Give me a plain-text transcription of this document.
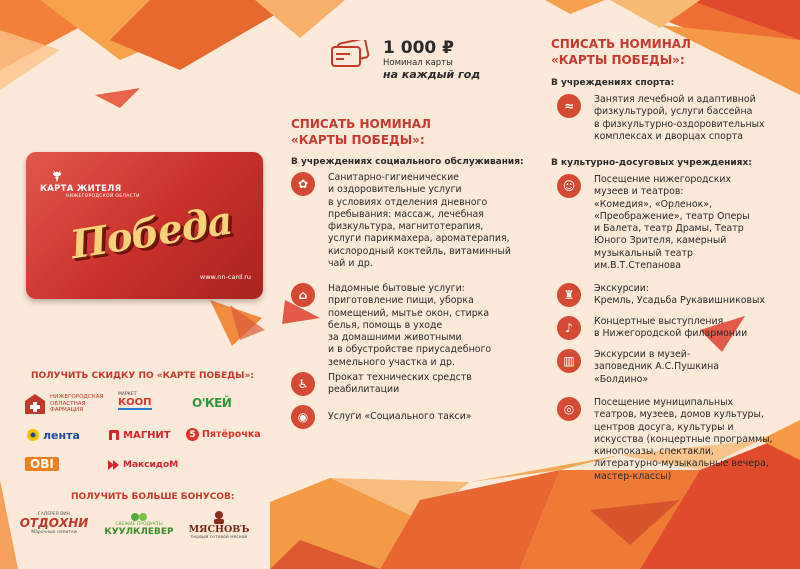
КАРТА ЖИТЕЛЯ
НИЖЕГОРОДСКОЙ ОБЛАСТИ
Победа
www.nn-card.ru
ПОЛУЧИТЬ СКИДКУ ПО «КАРТЕ ПОБЕДЫ»:
НИЖЕГОРОДСКАЯ
ОБЛАСТНАЯ
ФАРМАЦИЯ
МАРКЕТ
КООП	О'КЕЙ
лента	МАГНИТ	5 Пятёрочка
OBI	МаксидоМ
ПОЛУЧИТЬ БОЛЬШЕ БОНУСОВ:
ГАЛЕРЕЯ ВИН
ОТДОХНИ
Ма́рочные напитки
СВЕЖИЕ ПРОДУКТЫ
КУУЛКЛЕВЕР МЯСНОВЪ
первый сетевой мясной
1 000 ₽
Номинал карты
на каждый год
СПИСАТЬ НОМИНАЛ
«КАРТЫ ПОБЕДЫ»:
В учреждениях социального обслуживания:
✿	Санитарно-гигиенические
и оздоровительные услуги
в условиях отделения дневного
пребывания: массаж, лечебная
физкультура, магнитотерапия,
услуги парикмахера, ароматерапия,
кислородный коктейль, витаминный
чай и др.
⌂	Надомные бытовые услуги:
приготовление пищи, уборка
помещений, мытье окон, стирка
белья, помощь в уходе
за домашними животными
и в обустройстве приусадебного
земельного участка и др.
♿	Прокат технических средств
реабилитации
◉	Услуги «Социального такси»
СПИСАТЬ НОМИНАЛ
«КАРТЫ ПОБЕДЫ»:
В учреждениях спорта:
≈	Занятия лечебной и адаптивной
физкультурой, услуги бассейна
в физкультурно-оздоровительных
комплексах и дворцах спорта
В культурно-досуговых учреждениях:
☺	Посещение нижегородских
музеев и театров:
«Комедия», «Орленок»,
«Преображение», театр Оперы
и Балета, театр Драмы, Театр
Юного Зрителя, камерный
музыкальный театр
им.В.Т.Степанова
♜	Экскурсии:
Кремль, Усадьба Рукавишниковых
♪	Концертные выступления
в Нижегородской филармонии
▥	Экскурсии в музей-
заповедник А.С.Пушкина
«Болдино»
◎	Посещение муниципальных
театров, музеев, домов культуры,
центров досуга, культуры и
искусства (концертные программы,
кинопоказы, спектакли,
литературно-музыкальные вечера,
мастер-классы)
